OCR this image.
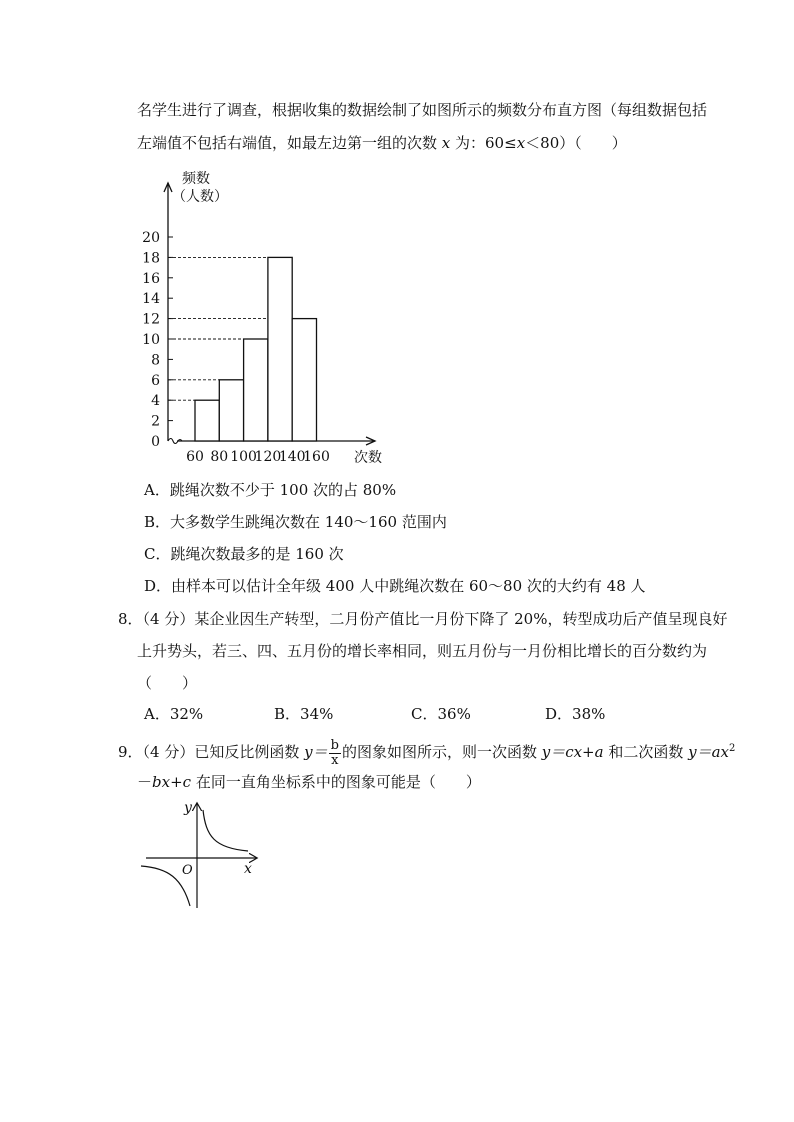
名学生进行了调查，根据收集的数据绘制了如图所示的频数分布直方图（每组数据包括
左端值不包括右端值，如最左边第一组的次数 x 为：60≤x＜80）（　　）
0
2
4
6
8
10
12
14
16
18
20
60 80 100
120
140
160
频数
（人数）
次数
A．跳绳次数不少于 100 次的占 80%
B．大多数学生跳绳次数在 140～160 范围内
C．跳绳次数最多的是 160 次
D．由样本可以估计全年级 400 人中跳绳次数在 60～80 次的大约有 48 人
8．（4 分）某企业因生产转型，二月份产值比一月份下降了 20%，转型成功后产值呈现良好
上升势头，若三、四、五月份的增长率相同，则五月份与一月份相比增长的百分数约为
（　　）
A．32%	B．34%	C．36%	D．38%
9．（4 分）已知反比例函数 $y= \frac{b}{x}$ 的图象如图所示，则一次函数 y＝cx+a 和二次函数 $y=ax^2$
－bx+c 在同一直角坐标系中的图象可能是（　　）
y
x
O
